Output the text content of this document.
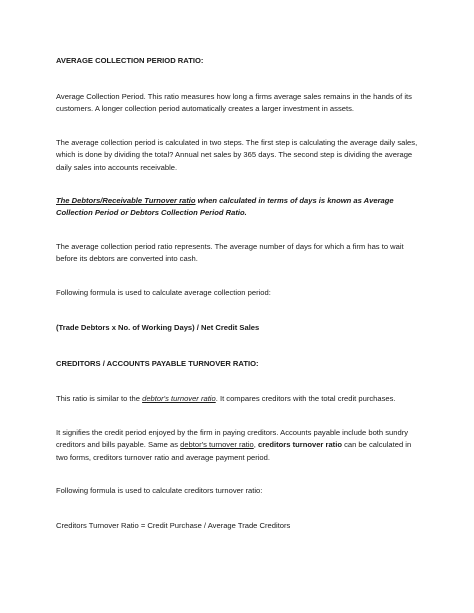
AVERAGE COLLECTION PERIOD RATIO:

Average Collection Period. This ratio measures how long a firms average sales remains in the hands of its customers. A longer collection period automatically creates a larger investment in assets.

The average collection period is calculated in two steps. The first step is calculating the average daily sales, which is done by dividing the total? Annual net sales by 365 days. The second step is dividing the average daily sales into accounts receivable.

The Debtors/Receivable Turnover ratio when calculated in terms of days is known as Average Collection Period or Debtors Collection Period Ratio.

The average collection period ratio represents. The average number of days for which a firm has to wait before its debtors are converted into cash.

Following formula is used to calculate average collection period:

(Trade Debtors x No. of Working Days) / Net Credit Sales

CREDITORS / ACCOUNTS PAYABLE TURNOVER RATIO:

This ratio is similar to the debtor's turnover ratio. It compares creditors with the total credit purchases.

It signifies the credit period enjoyed by the firm in paying creditors. Accounts payable include both sundry creditors and bills payable. Same as debtor's turnover ratio, creditors turnover ratio can be calculated in two forms, creditors turnover ratio and average payment period.

Following formula is used to calculate creditors turnover ratio:

Creditors Turnover Ratio = Credit Purchase / Average Trade Creditors
